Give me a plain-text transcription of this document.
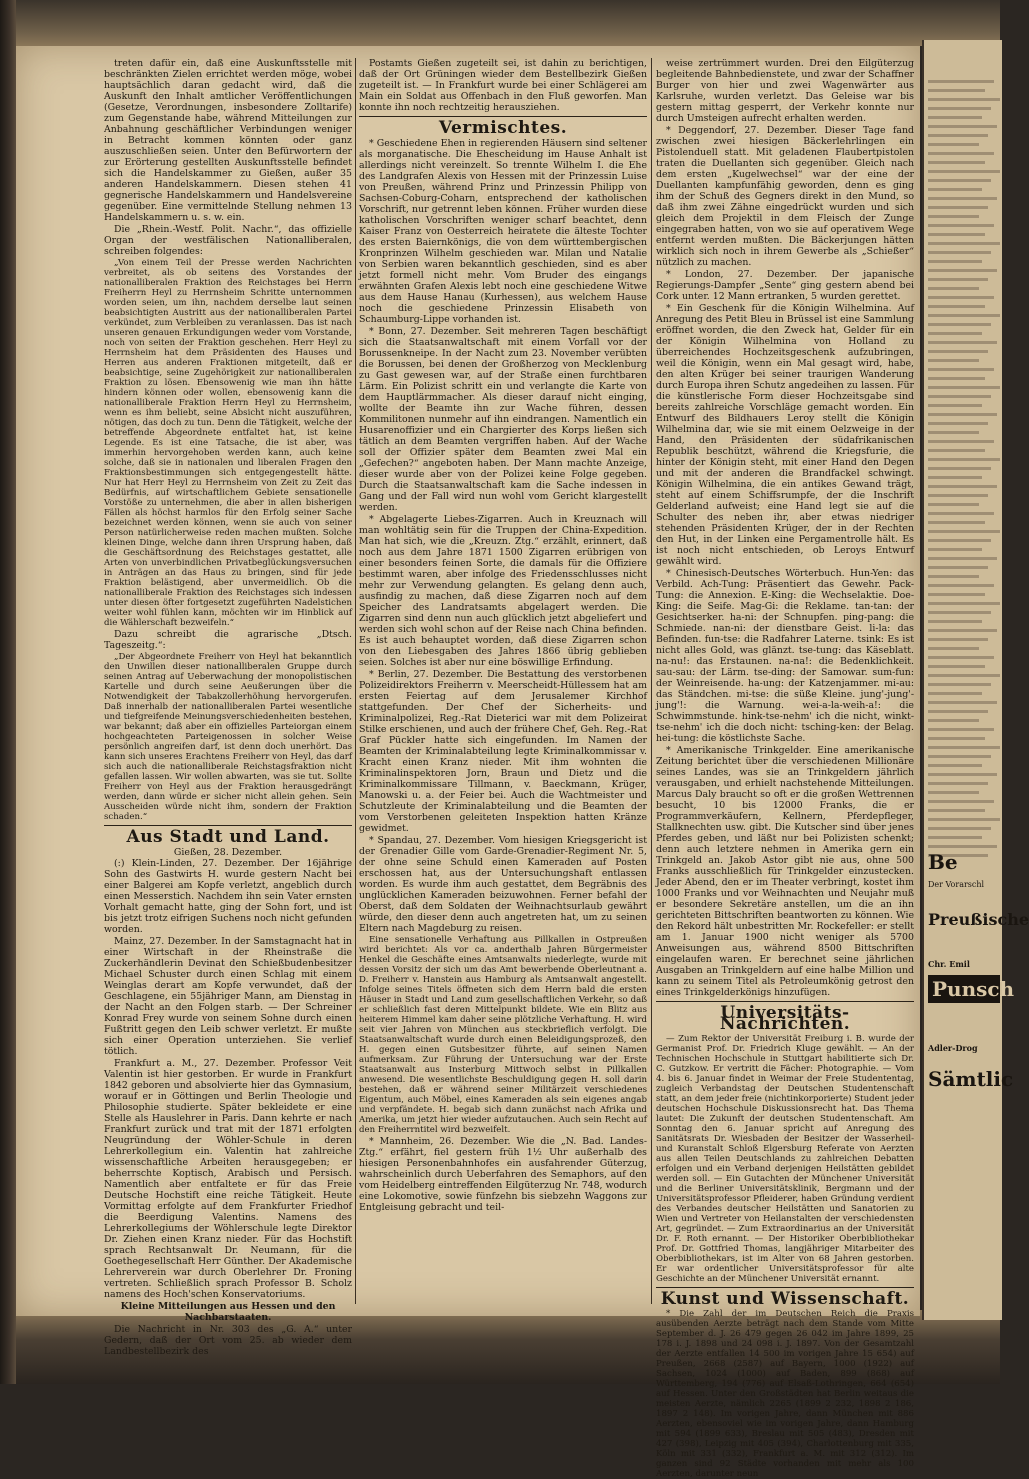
treten dafür ein, daß eine Auskunftsstelle mit beschränkten Zielen errichtet werden möge, wobei hauptsächlich daran gedacht wird, daß die Auskunft den Inhalt amtlicher Veröffentlichungen (Gesetze, Verordnungen, insbesondere Zolltarife) zum Gegenstande habe, während Mitteilungen zur Anbahnung geschäftlicher Verbindungen weniger in Betracht kommen könnten oder ganz auszuschließen seien. Unter den Befürwortern der zur Erörterung gestellten Auskunftsstelle befindet sich die Handelskammer zu Gießen, außer 35 anderen Handelskammern. Diesen stehen 41 gegnerische Handelskammern und Handelsvereine gegenüber. Eine vermittelnde Stellung nehmen 13 Handelskammern u. s. w. ein.

Die „Rhein.-Westf. Polit. Nachr.“, das offizielle Organ der westfälischen Nationalliberalen, schreiben folgendes:

„Von einem Teil der Presse werden Nachrichten verbreitet, als ob seitens des Vorstandes der nationalliberalen Fraktion des Reichstages bei Herrn Freiherrn Heyl zu Herrnsheim Schritte unternommen worden seien, um ihn, nachdem derselbe laut seinen beabsichtigten Austritt aus der nationalliberalen Partei verkündet, zum Verbleiben zu veranlassen. Das ist nach unseren genauen Erkundigungen weder vom Vorstande, noch von seiten der Fraktion geschehen. Herr Heyl zu Herrnsheim hat dem Präsidenten des Hauses und Herren aus anderen Fraktionen mitgeteilt, daß er beabsichtige, seine Zugehörigkeit zur nationalliberalen Fraktion zu lösen. Ebensowenig wie man ihn hätte hindern können oder wollen, ebensowenig kann die nationalliberale Fraktion Herrn Heyl zu Herrnsheim, wenn es ihm beliebt, seine Absicht nicht auszuführen, nötigen, das doch zu tun. Denn die Tätigkeit, welche der betreffende Abgeordnete entfaltet hat, ist keine Legende. Es ist eine Tatsache, die ist aber, was immerhin hervorgehoben werden kann, auch keine solche, daß sie in nationalen und liberalen Fragen den Fraktionsbestimmungen sich entgegengestellt hätte. Nur hat Herr Heyl zu Herrnsheim von Zeit zu Zeit das Bedürfnis, auf wirtschaftlichem Gebiete sensationelle Vorstöße zu unternehmen, die aber in allen bisherigen Fällen als höchst harmlos für den Erfolg seiner Sache bezeichnet werden können, wenn sie auch von seiner Person natürlicherweise reden machen mußten. Solche kleinen Dinge, welche dann ihren Ursprung haben, daß die Geschäftsordnung des Reichstages gestattet, alle Arten von unverbindlichen Privatbeglückungsversuchen in Anträgen an das Haus zu bringen, sind für jede Fraktion belästigend, aber unvermeidlich. Ob die nationalliberale Fraktion des Reichstages sich indessen unter diesen öfter fortgesetzt zugeführten Nadelstichen weiter wohl fühlen kann, möchten wir im Hinblick auf die Wählerschaft bezweifeln.“

Dazu schreibt die agrarische „Dtsch. Tageszeitg.“:

„Der Abgeordnete Freiherr von Heyl hat bekanntlich den Unwillen dieser nationalliberalen Gruppe durch seinen Antrag auf Ueberwachung der monopolistischen Kartelle und durch seine Aeußerungen über die Notwendigkeit der Tabakzollerhöhung hervorgerufen. Daß innerhalb der nationalliberalen Partei wesentliche und tiefgreifende Meinungsverschiedenheiten bestehen, war bekannt; daß aber ein offizielles Parteiorgan einem hochgeachteten Parteigenossen in solcher Weise persönlich angreifen darf, ist denn doch unerhört. Das kann sich unseres Erachtens Freiherr von Heyl, das darf sich auch die nationalliberale Reichstagsfraktion nicht gefallen lassen. Wir wollen abwarten, was sie tut. Sollte Freiherr von Heyl aus der Fraktion herausgedrängt werden, dann würde er sicher nicht allein gehen. Sein Ausscheiden würde nicht ihm, sondern der Fraktion schaden.“

Aus Stadt und Land.
Gießen, 28. Dezember.

(:) Klein-Linden, 27. Dezember. Der 16jährige Sohn des Gastwirts H. wurde gestern Nacht bei einer Balgerei am Kopfe verletzt, angeblich durch einen Messerstich. Nachdem ihn sein Vater ernsten Vorhalt gemacht hatte, ging der Sohn fort, und ist bis jetzt trotz eifrigen Suchens noch nicht gefunden worden.

Mainz, 27. Dezember. In der Samstagnacht hat in einer Wirtschaft in der Rheinstraße die Zuckerhändlerin Devinat den Schießbudenbesitzer Michael Schuster durch einen Schlag mit einem Weinglas derart am Kopfe verwundet, daß der Geschlagene, ein 55jähriger Mann, am Dienstag in der Nacht an den Folgen starb. — Der Schreiner Konrad Frey wurde von seinem Sohne durch einen Fußtritt gegen den Leib schwer verletzt. Er mußte sich einer Operation unterziehen. Sie verlief tötlich.

Frankfurt a. M., 27. Dezember. Professor Veit Valentin ist hier gestorben. Er wurde in Frankfurt 1842 geboren und absolvierte hier das Gymnasium, worauf er in Göttingen und Berlin Theologie und Philosophie studierte. Später bekleidete er eine Stelle als Hauslehrer in Paris. Dann kehrte er nach Frankfurt zurück und trat mit der 1871 erfolgten Neugründung der Wöhler-Schule in deren Lehrerkollegium ein. Valentin hat zahlreiche wissenschaftliche Arbeiten herausgegeben; er beherrschte Koptisch, Arabisch und Persisch. Namentlich aber entfaltete er für das Freie Deutsche Hochstift eine reiche Tätigkeit. Heute Vormittag erfolgte auf dem Frankfurter Friedhof die Beerdigung Valentins. Namens des Lehrerkollegiums der Wöhlerschule legte Direktor Dr. Ziehen einen Kranz nieder. Für das Hochstift sprach Rechtsanwalt Dr. Neumann, für die Goethegesellschaft Herr Günther. Der Akademische Lehrerverein war durch Oberlehrer Dr. Froning vertreten. Schließlich sprach Professor B. Scholz namens des Hoch'schen Konservatoriums.

Kleine Mitteilungen aus Hessen und den Nachbarstaaten.

Die Nachricht in Nr. 303 des „G. A.“ unter Gedern, daß der Ort vom 25. ab wieder dem Landbestellbezirk des

Postamts Gießen zugeteilt sei, ist dahin zu berichtigen, daß der Ort Grüningen wieder dem Bestellbezirk Gießen zugeteilt ist. — In Frankfurt wurde bei einer Schlägerei am Main ein Soldat aus Offenbach in den Fluß geworfen. Man konnte ihn noch rechtzeitig herausziehen.

Vermischtes.

* Geschiedene Ehen in regierenden Häusern sind seltener als morganatische. Die Ehescheidung im Hause Anhalt ist allerdings nicht vereinzelt. So trennte Wilhelm I. die Ehe des Landgrafen Alexis von Hessen mit der Prinzessin Luise von Preußen, während Prinz und Prinzessin Philipp von Sachsen-Coburg-Coharn, entsprechend der katholischen Vorschrift, nur getrennt leben können. Früher wurden diese katholischen Vorschriften weniger scharf beachtet, denn Kaiser Franz von Oesterreich heiratete die älteste Tochter des ersten Baiernkönigs, die von dem württembergischen Kronprinzen Wilhelm geschieden war. Milan und Natalie von Serbien waren bekanntlich geschieden, sind es aber jetzt formell nicht mehr. Vom Bruder des eingangs erwähnten Grafen Alexis lebt noch eine geschiedene Witwe aus dem Hause Hanau (Kurhessen), aus welchem Hause noch die geschiedene Prinzessin Elisabeth von Schaumburg-Lippe vorhanden ist.

* Bonn, 27. Dezember. Seit mehreren Tagen beschäftigt sich die Staatsanwaltschaft mit einem Vorfall vor der Borussenkneipe. In der Nacht zum 23. November verübten die Borussen, bei denen der Großherzog von Mecklenburg zu Gast gewesen war, auf der Straße einen furchtbaren Lärm. Ein Polizist schritt ein und verlangte die Karte von dem Hauptlärmmacher. Als dieser darauf nicht einging, wollte der Beamte ihn zur Wache führen, dessen Kommilitonen nunmehr auf ihn eindrangen. Namentlich ein Husarenoffizier und ein Chargierter des Korps ließen sich tätlich an dem Beamten vergriffen haben. Auf der Wache soll der Offizier später dem Beamten zwei Mal ein „Gefechen?“ angeboten haben. Der Mann machte Anzeige, dieser wurde aber von der Polizei keine Folge gegeben. Durch die Staatsanwaltschaft kam die Sache indessen in Gang und der Fall wird nun wohl vom Gericht klargestellt werden.

* Abgelagerte Liebes-Zigarren. Auch in Kreuznach will man wohltätig sein für die Truppen der China-Expedition. Man hat sich, wie die „Kreuzn. Ztg.“ erzählt, erinnert, daß noch aus dem Jahre 1871 1500 Zigarren erübrigen von einer besonders feinen Sorte, die damals für die Offiziere bestimmt waren, aber infolge des Friedensschlusses nicht mehr zur Verwendung gelangten. Es gelang denn auch, ausfindig zu machen, daß diese Zigarren noch auf dem Speicher des Landratsamts abgelagert werden. Die Zigarren sind denn nun auch glücklich jetzt abgeliefert und werden sich wohl schon auf der Reise nach China befinden. Es ist auch behauptet worden, daß diese Zigarren schon von den Liebesgaben des Jahres 1866 übrig geblieben seien. Solches ist aber nur eine böswillige Erfindung.

* Berlin, 27. Dezember. Die Bestattung des verstorbenen Polizeidirektors Freiherrn v. Meerscheidt-Hüllessem hat am ersten Feiertag auf dem Jerusalemer Kirchhof stattgefunden. Der Chef der Sicherheits- und Kriminalpolizei, Reg.-Rat Dieterici war mit dem Polizeirat Stilke erschienen, und auch der frühere Chef, Geh. Reg.-Rat Graf Pückler hatte sich eingefunden. Im Namen der Beamten der Kriminalabteilung legte Kriminalkommissar v. Kracht einen Kranz nieder. Mit ihm wohnten die Kriminalinspektoren Jorn, Braun und Dietz und die Kriminalkommissare Tillmann, v. Baeckmann, Krüger, Manowski u. a. der Feier bei. Auch die Wachtmeister und Schutzleute der Kriminalabteilung und die Beamten der vom Verstorbenen geleiteten Inspektion hatten Kränze gewidmet.

* Spandau, 27. Dezember. Vom hiesigen Kriegsgericht ist der Grenadier Gille vom Garde-Grenadier-Regiment Nr. 5, der ohne seine Schuld einen Kameraden auf Posten erschossen hat, aus der Untersuchungshaft entlassen worden. Es wurde ihm auch gestattet, dem Begräbnis des unglücklichen Kameraden beizuwohnen. Ferner befahl der Oberst, daß dem Soldaten der Weihnachtsurlaub gewährt würde, den dieser denn auch angetreten hat, um zu seinen Eltern nach Magdeburg zu reisen.

Eine sensationelle Verhaftung aus Pillkallen in Ostpreußen wird berichtet: Als vor ca. anderthalb Jahren Bürgermeister Henkel die Geschäfte eines Amtsanwalts niederlegte, wurde mit dessen Vorsitz der sich um das Amt bewerbende Oberleutnant a. D. Freiherr v. Hanstein aus Hamburg als Amtsanwalt angestellt. Infolge seines Titels öffneten sich dem Herrn bald die ersten Häuser in Stadt und Land zum gesellschaftlichen Verkehr, so daß er schließlich fast deren Mittelpunkt bildete. Wie ein Blitz aus heiterem Himmel kam daher seine plötzliche Verhaftung. H. wird seit vier Jahren von München aus steckbrieflich verfolgt. Die Staatsanwaltschaft wurde durch einen Beleidigungsprozeß, den H. gegen einen Gutsbesitzer führte, auf seinen Namen aufmerksam. Zur Führung der Untersuchung war der Erste Staatsanwalt aus Insterburg Mittwoch selbst in Pillkallen anwesend. Die wesentlichste Beschuldigung gegen H. soll darin bestehen, daß er während seiner Militärzeit verschiedenes Eigentum, auch Möbel, eines Kameraden als sein eigenes angab und verpfändete. H. begab sich dann zunächst nach Afrika und Amerika, um jetzt hier wieder aufzutauchen. Auch sein Recht auf den Freiherrntitel wird bezweifelt.

* Mannheim, 26. Dezember. Wie die „N. Bad. Landes-Ztg.“ erfährt, fiel gestern früh 1½ Uhr außerhalb des hiesigen Personenbahnhofes ein ausfahrender Güterzug, wahrscheinlich durch Ueberfahren des Semaphors, auf den vom Heidelberg eintreffenden Eilgüterzug Nr. 748, wodurch eine Lokomotive, sowie fünfzehn bis siebzehn Waggons zur Entgleisung gebracht und teil-

weise zertrümmert wurden. Drei den Eilgüterzug begleitende Bahnbedienstete, und zwar der Schaffner Burger von hier und zwei Wagenwärter aus Karlsruhe, wurden verletzt. Das Geleise war bis gestern mittag gesperrt, der Verkehr konnte nur durch Umsteigen aufrecht erhalten werden.

* Deggendorf, 27. Dezember. Dieser Tage fand zwischen zwei hiesigen Bäckerlehrlingen ein Pistolenduell statt. Mit geladenen Flaubertpistolen traten die Duellanten sich gegenüber. Gleich nach dem ersten „Kugelwechsel“ war der eine der Duellanten kampfunfähig geworden, denn es ging ihm der Schuß des Gegners direkt in den Mund, so daß ihm zwei Zähne eingedrückt wurden und sich gleich dem Projektil in dem Fleisch der Zunge eingegraben hatten, von wo sie auf operativem Wege entfernt werden mußten. Die Bäckerjungen hätten wirklich sich noch in ihrem Gewerbe als „Schießer“ nützlich zu machen.

* London, 27. Dezember. Der japanische Regierungs-Dampfer „Sente“ ging gestern abend bei Cork unter. 12 Mann ertranken, 5 wurden gerettet.

* Ein Geschenk für die Königin Wilhelmina. Auf Anregung des Petit Bleu in Brüssel ist eine Sammlung eröffnet worden, die den Zweck hat, Gelder für ein der Königin Wilhelmina von Holland zu überreichendes Hochzeitsgeschenk aufzubringen, weil die Königin, wenn ein Mal gesagt wird, habe, den alten Krüger bei seiner traurigen Wanderung durch Europa ihren Schutz angedeihen zu lassen. Für die künstlerische Form dieser Hochzeitsgabe sind bereits zahlreiche Vorschläge gemacht worden. Ein Entwurf des Bildhauers Leroy stellt die Königin Wilhelmina dar, wie sie mit einem Oelzweige in der Hand, den Präsidenten der südafrikanischen Republik beschützt, während die Kriegsfurie, die hinter der Königin steht, mit einer Hand den Degen und mit der anderen die Brandfackel schwingt. Königin Wilhelmina, die ein antikes Gewand trägt, steht auf einem Schiffsrumpfe, der die Inschrift Gelderland aufweist; eine Hand legt sie auf die Schulter des neben ihr, aber etwas niedriger stehenden Präsidenten Krüger, der in der Rechten den Hut, in der Linken eine Pergamentrolle hält. Es ist noch nicht entschieden, ob Leroys Entwurf gewählt wird.

* Chinesisch-Deutsches Wörterbuch. Hun-Yen: das Verbild. Ach-Tung: Präsentiert das Gewehr. Pack-Tung: die Annexion. E-King: die Wechselaktie. Doe-King: die Seife. Mag-Gi: die Reklame. tan-tan: der Gesichtserker. ha-ni: der Schnupfen. ping-pang: die Schmiede. nan-ni: der dienstbare Geist. li-la: das Befinden. fun-tse: die Radfahrer Laterne. tsink: Es ist nicht alles Gold, was glänzt. tse-tung: das Käseblatt. na-nu!: das Erstaunen. na-na!: die Bedenklichkeit. sau-sau: der Lärm. tse-ding: der Samowar. sum-fun: der Weinreisende. ha-ung: der Katzenjammer. mi-au: das Ständchen. mi-tse: die süße Kleine. jung'-jung'-jung'!: die Warnung. wei-a-la-weih-a!: die Schwimmstunde. hink-tse-nehm' ich die nicht, winkt-tse-nehm' ich die doch nicht: tsching-ken: der Belag. hei-tung: die köstlichste Sache.

* Amerikanische Trinkgelder. Eine amerikanische Zeitung berichtet über die verschiedenen Millionäre seines Landes, was sie an Trinkgeldern jährlich verausgaben, und erhielt nachstehende Mitteilungen. Marcus Daly braucht so oft er die großen Wettrennen besucht, 10 bis 12000 Franks, die er Programmverkäufern, Kellnern, Pferdepfleger, Stallknechten usw. gibt. Die Kutscher sind über jenes Pferdes geben, und läßt nur bei Polizisten schenkt; denn auch letztere nehmen in Amerika gern ein Trinkgeld an. Jakob Astor gibt nie aus, ohne 500 Franks ausschließlich für Trinkgelder einzustecken. Jeder Abend, den er im Theater verbringt, kostet ihm 1000 Franks und vor Weihnachten und Neujahr muß er besondere Sekretäre anstellen, um die an ihn gerichteten Bittschriften beantworten zu können. Wie den Rekord hält unbestritten Mr. Rockefeller: er stellt am 1. Januar 1900 nicht weniger als 5700 Anweisungen aus, während 8500 Bittschriften eingelaufen waren. Er berechnet seine jährlichen Ausgaben an Trinkgeldern auf eine halbe Million und kann zu seinem Titel als Petroleumkönig getrost den eines Trinkgelderkönigs hinzufügen.

Universitäts-Nachrichten.

— Zum Rektor der Universität Freiburg i. B. wurde der Germanist Prof. Dr. Friedrich Kluge gewählt. — An der Technischen Hochschule in Stuttgart habilitierte sich Dr. C. Gutzkow. Er vertritt die Fächer: Photographie. — Vom 4. bis 6. Januar findet in Weimar der Freie Studententag, zugleich Verbandstag der Deutschen Studentenschaft statt, an dem jeder freie (nichtinkorporierte) Student jeder deutschen Hochschule Diskussionsrecht hat. Das Thema lautet: Die Zukunft der deutschen Studentenschaft. Am Sonntag den 6. Januar spricht auf Anregung des Sanitätsrats Dr. Wiesbaden der Besitzer der Wasserheil- und Kuranstalt Schloß Elgersburg Referate von Aerzten aus allen Teilen Deutschlands zu zahlreichen Debatten erfolgen und ein Verband derjenigen Heilstätten gebildet werden soll. — Ein Gutachten der Münchener Universität und die Berliner Universitätsklinik, Bergmann und der Universitätsprofessor Pfleiderer, haben Gründung verdient des Verbandes deutscher Heilstätten und Sanatorien zu Wien und Vertreter von Heilanstalten der verschiedensten Art, gegründet. — Zum Extraordinarius an der Universität Dr. F. Roth ernannt. — Der Historiker Oberbibliothekar Prof. Dr. Gottfried Thomas, langjähriger Mitarbeiter des Oberbibliothekars, ist im Alter von 68 Jahren gestorben. Er war ordentlicher Universitätsprofessor für alte Geschichte an der Münchener Universität ernannt.

Kunst und Wissenschaft.

* Die Zahl der im Deutschen Reich die Praxis ausübenden Aerzte beträgt nach dem Stande vom Mitte September d. J. 26 479 gegen 26 042 im Jahre 1899, 25 178 i. J. 1898 und 24 098 i. J. 1897. Von der Gesamtzahl der Aerzte entfallen 14 500 im vorigen Jahre 15 654) auf Preußen, 2668 (2587) auf Bayern, 1000 (1922) auf Sachsen, 1024 (1000) auf Baden, 899 (868) auf Württemberg, 194 (776) auf Elsaß-Lothringen, 664 (654) auf Hessen. Unter den Großstädten hat Berlin weitaus die meisten Aerzte, nämlich 2265 (1899 2 232, 1898 2 186, 1897 2 148). Im vorigen Jahre, dann München mit 886 Aerzten, ebensoviel wie im vorigen Jahre, dann Hamburg mit 594 (1899 633), Breslau mit 505 (483), Dresden mit 427 (398), Leipzig mit 405 (394), Charlottenburg mit 335, Köln mit 331 (332), Frankfurt a. M. mit 312 (312). Im ganzen sind 92 Städte vorhanden mit mehr als 100 Aerzten, darunter neun

Be
Der Vorarschl
Preußische
Chr. Emil
Punsch
Adler-Drog
Sämtlic
